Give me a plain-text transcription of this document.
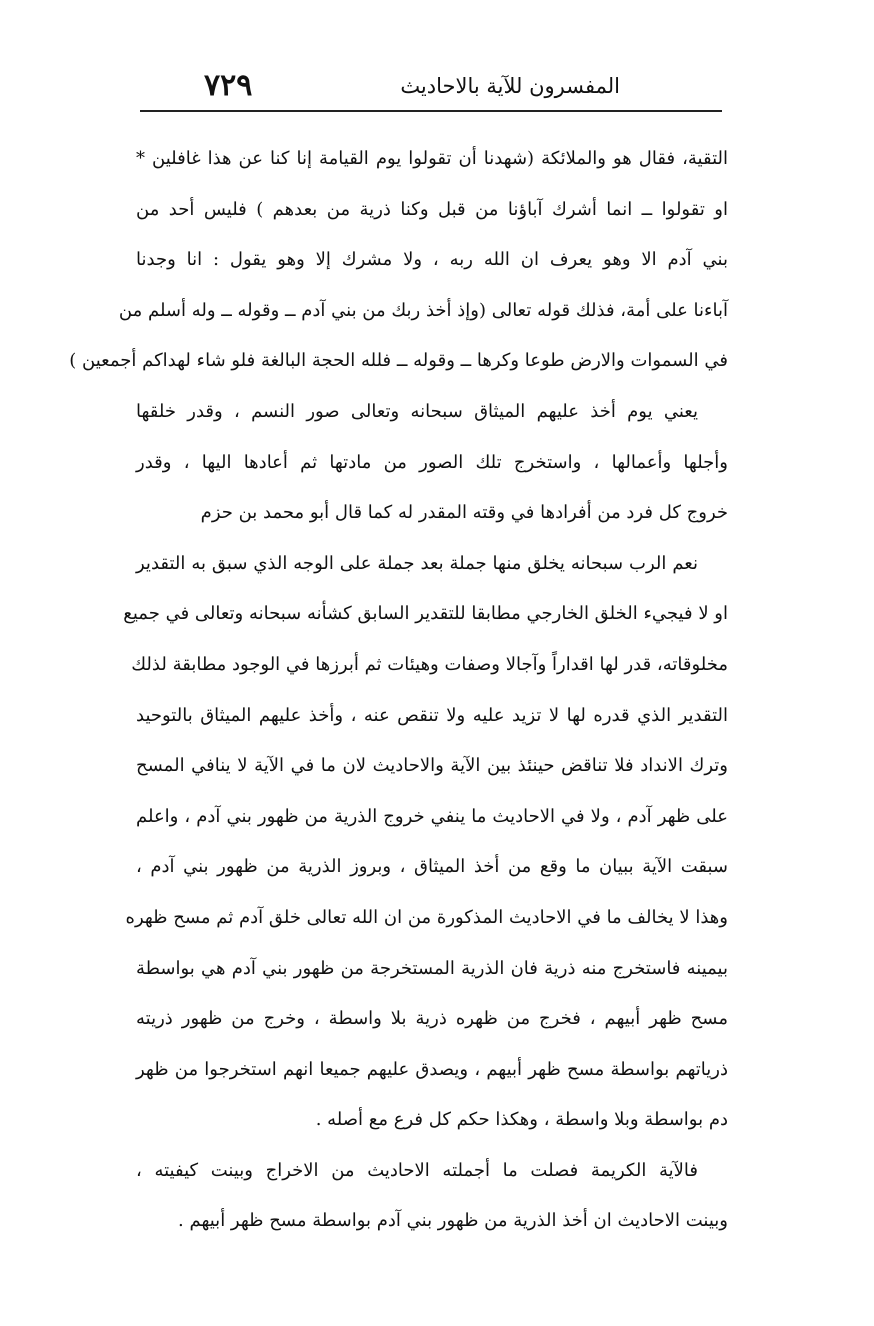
٧٢٩	المفسرون للآية بالاحاديث
التقية، فقال هو والملائكة (شهدنا أن تقولوا يوم القيامة إنا كنا عن هذا غافلين *
او تقولوا ــ انما أشرك آباؤنا من قبل وكنا ذرية من بعدهم ) فليس أحد من
بني آدم الا وهو يعرف ان الله ربه ، ولا مشرك إلا وهو يقول : انا وجدنا
آباءنا على أمة، فذلك قوله تعالى (وإذ أخذ ربك من بني آدم ــ وقوله ــ وله أسلم من
في السموات والارض طوعا وكرها ــ وقوله ــ فلله الحجة البالغة فلو شاء لهداكم أجمعين )
يعني يوم أخذ عليهم الميثاق سبحانه وتعالى صور النسم ، وقدر خلقها
وأجلها وأعمالها ، واستخرج تلك الصور من مادتها ثم أعادها اليها ، وقدر
خروج كل فرد من أفرادها في وقته المقدر له كما قال أبو محمد بن حزم
نعم الرب سبحانه يخلق منها جملة بعد جملة على الوجه الذي سبق به التقدير
او لا فيجيء الخلق الخارجي مطابقا للتقدير السابق كشأنه سبحانه وتعالى في جميع
مخلوقاته، قدر لها اقداراً وآجالا وصفات وهيئات ثم أبرزها في الوجود مطابقة لذلك
التقدير الذي قدره لها لا تزيد عليه ولا تنقص عنه ، وأخذ عليهم الميثاق بالتوحيد
وترك الانداد فلا تناقض حينئذ بين الآية والاحاديث لان ما في الآية لا ينافي المسح
على ظهر آدم ، ولا في الاحاديث ما ينفي خروج الذرية من ظهور بني آدم ، واعلم
سبقت الآية ببيان ما وقع من أخذ الميثاق ، وبروز الذرية من ظهور بني آدم ،
وهذا لا يخالف ما في الاحاديث المذكورة من ان الله تعالى خلق آدم ثم مسح ظهره
بيمينه فاستخرج منه ذرية فان الذرية المستخرجة من ظهور بني آدم هي بواسطة
مسح ظهر أبيهم ، فخرج من ظهره ذرية بلا واسطة ، وخرج من ظهور ذريته
ذرياتهم بواسطة مسح ظهر أبيهم ، ويصدق عليهم جميعا انهم استخرجوا من ظهر
دم بواسطة وبلا واسطة ، وهكذا حكم كل فرع مع أصله .
فالآية الكريمة فصلت ما أجملته الاحاديث من الاخراج وبينت كيفيته ،
وبينت الاحاديث ان أخذ الذرية من ظهور بني آدم بواسطة مسح ظهر أبيهم .
